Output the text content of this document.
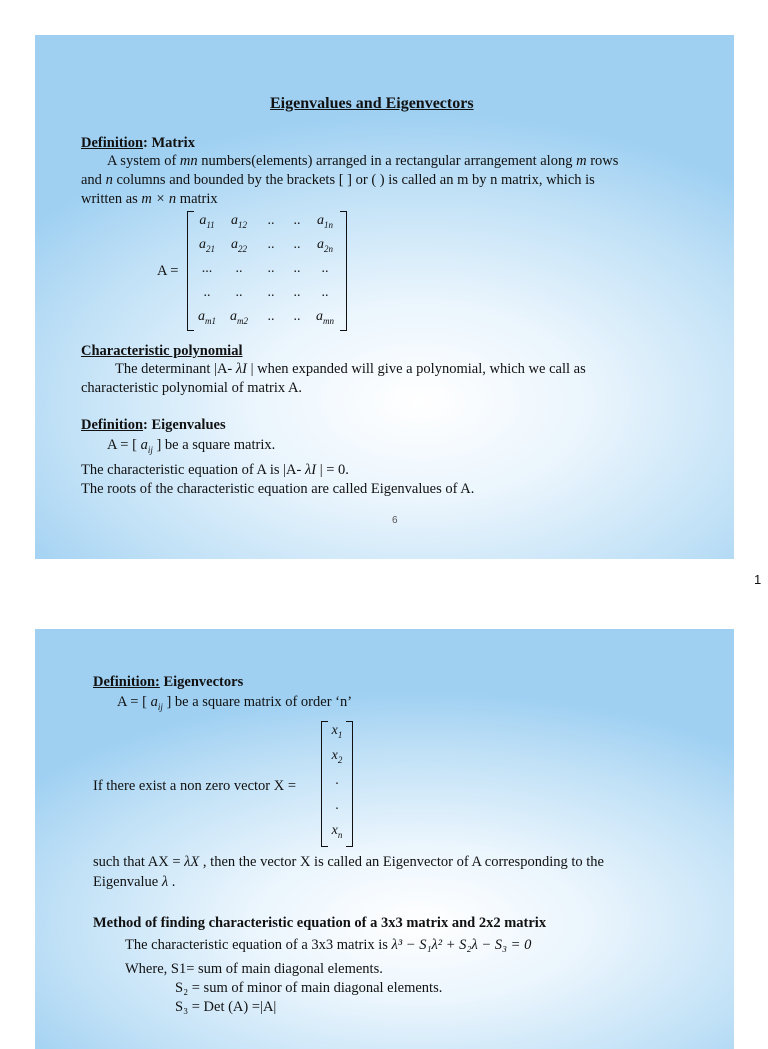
Eigenvalues and Eigenvectors
Definition: Matrix
A system of mn numbers(elements) arranged in a rectangular arrangement along m rows
and n columns and bounded by the brackets [ ] or ( ) is called an m by n matrix, which is
written as m × n matrix
A =
$a_{11}$	$a_{12}$	..	..	$a_{1n}$
$a_{21}$	$a_{22}$	..	..	$a_{2n}$
...	..	..	..	..
..	..	..	..	..
$a_{m1}$	$a_{m2}$	..	..	$a_{mn}$
Characteristic polynomial
The determinant |A- λI | when expanded will give a polynomial, which we call as
characteristic polynomial of matrix A.
Definition: Eigenvalues
A = [ $a_{ij}$ ] be a square matrix.
The characteristic equation of A is |A- λI | = 0.
The roots of the characteristic equation are called Eigenvalues of A.
6
1
Definition: Eigenvectors
A = [ $a_{ij}$ ] be a square matrix of order ‘n’
If there exist a non zero vector X =
$x_1$
$x_2$
.
.
$x_n$
such that AX = λX , then the vector X is called an Eigenvector of A corresponding to the
Eigenvalue λ .
Method of finding characteristic equation of a 3x3 matrix and 2x2 matrix
The characteristic equation of a 3x3 matrix is λ³ − S₁λ² + S₂λ − S₃ = 0
Where, S1= sum of main diagonal elements.
S₂ = sum of minor of main diagonal elements.
S₃ = Det (A) =|A|
